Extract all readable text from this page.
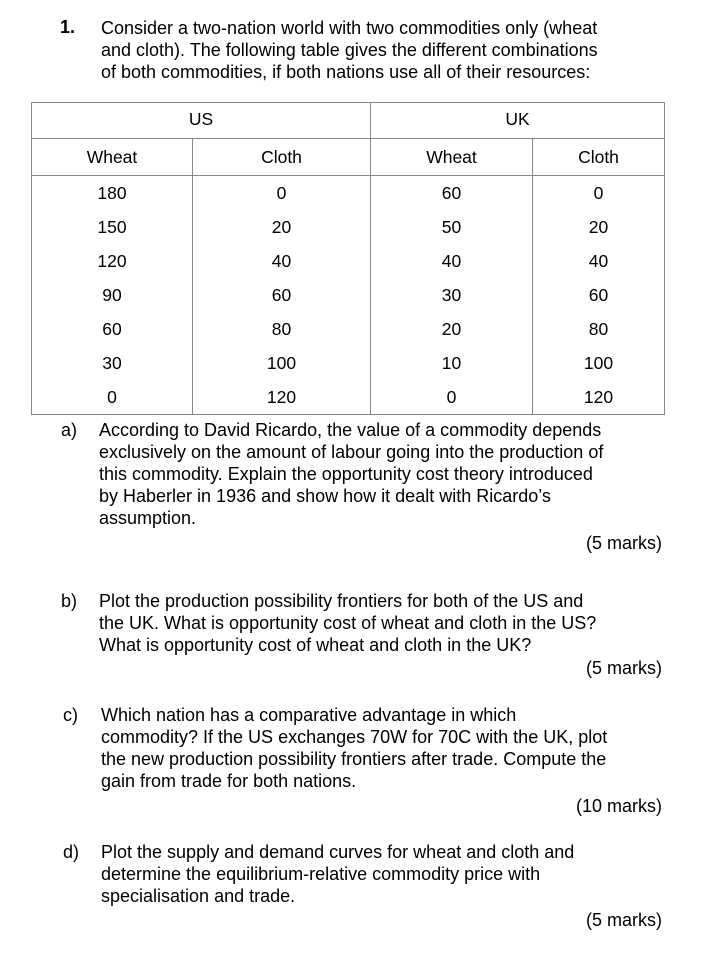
1. Consider a two-nation world with two commodities only (wheat
and cloth). The following table gives the different combinations
of both commodities, if both nations use all of their resources:
US		UK	
Wheat	Cloth	Wheat	Cloth
180	0	60	0
150	20	50	20
120	40	40	40
90	60	30	60
60	80	20	80
30	100	10	100
0	120	0	120
a) According to David Ricardo, the value of a commodity depends
exclusively on the amount of labour going into the production of
this commodity. Explain the opportunity cost theory introduced
by Haberler in 1936 and show how it dealt with Ricardo’s
assumption.
(5 marks)
b) Plot the production possibility frontiers for both of the US and
the UK. What is opportunity cost of wheat and cloth in the US?
What is opportunity cost of wheat and cloth in the UK?
(5 marks)
c) Which nation has a comparative advantage in which
commodity? If the US exchanges 70W for 70C with the UK, plot
the new production possibility frontiers after trade. Compute the
gain from trade for both nations.
(10 marks)
d) Plot the supply and demand curves for wheat and cloth and
determine the equilibrium-relative commodity price with
specialisation and trade.
(5 marks)
